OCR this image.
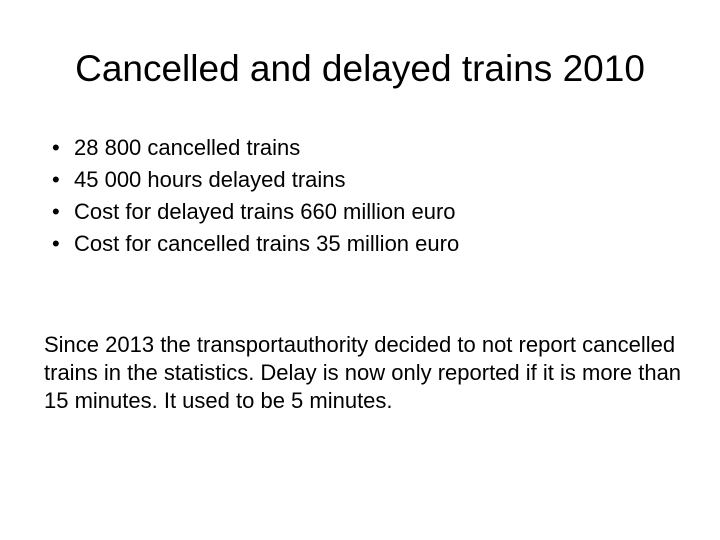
Cancelled and delayed trains 2010
• 28 800 cancelled trains
• 45 000 hours delayed trains
• Cost for delayed trains 660 million euro
• Cost for cancelled trains 35 million euro

Since 2013 the transportauthority decided to not report cancelled trains in the statistics. Delay is now only reported if it is more than 15 minutes. It used to be 5 minutes.
